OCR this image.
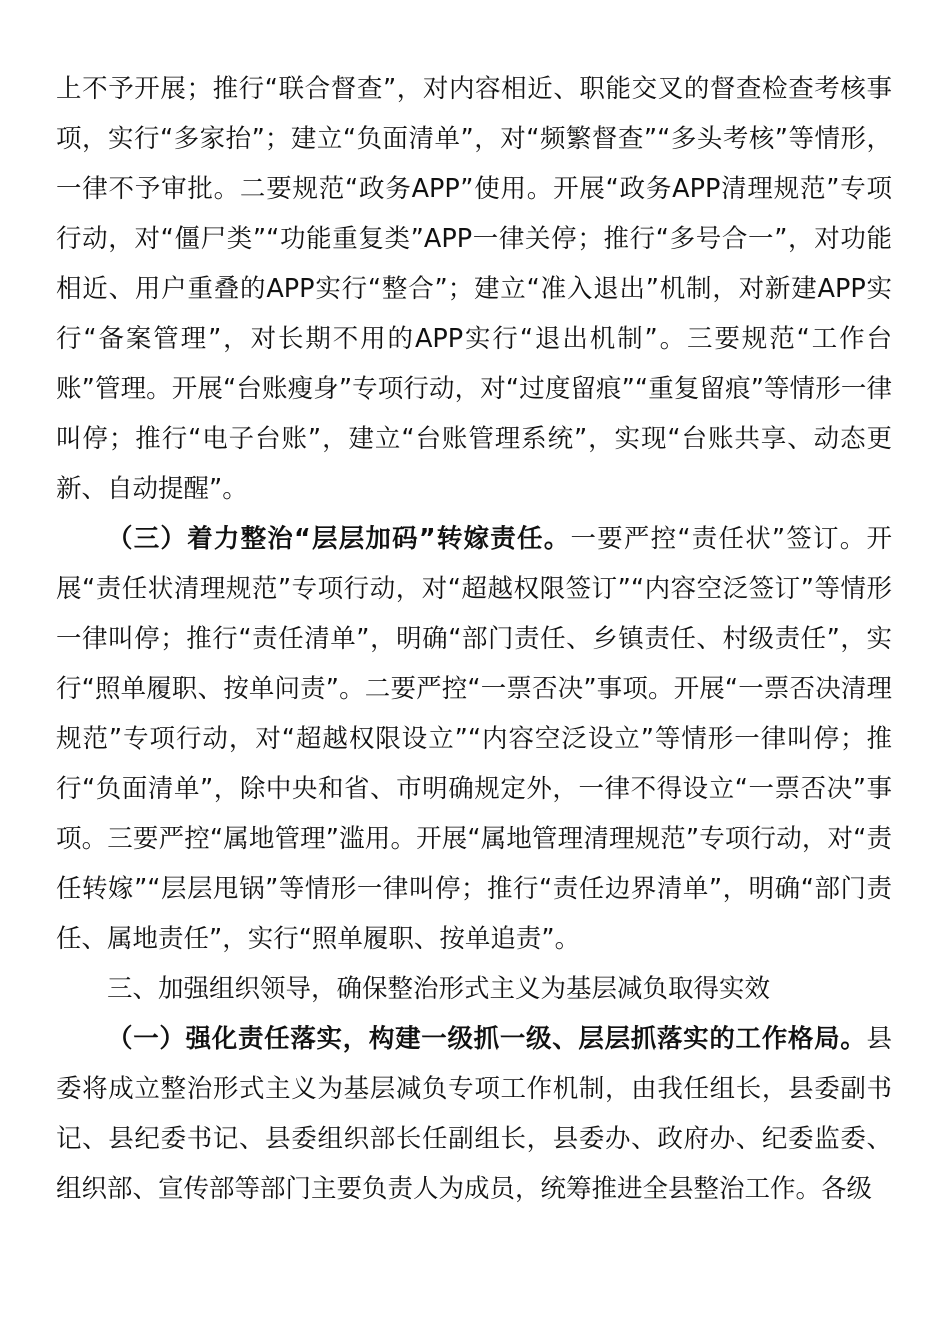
上不予开展；推行“联合督查”，对内容相近、职能交叉的督查检查考核事项，实行“多家抬”；建立“负面清单”，对“频繁督查”“多头考核”等情形，一律不予审批。二要规范“政务APP”使用。开展“政务APP清理规范”专项行动，对“僵尸类”“功能重复类”APP一律关停；推行“多号合一”，对功能相近、用户重叠的APP实行“整合”；建立“准入退出”机制，对新建APP实行“备案管理”，对长期不用的APP实行“退出机制”。三要规范“工作台账”管理。开展“台账瘦身”专项行动，对“过度留痕”“重复留痕”等情形一律叫停；推行“电子台账”，建立“台账管理系统”，实现“台账共享、动态更新、自动提醒”。

（三）着力整治“层层加码”转嫁责任。一要严控“责任状”签订。开展“责任状清理规范”专项行动，对“超越权限签订”“内容空泛签订”等情形一律叫停；推行“责任清单”，明确“部门责任、乡镇责任、村级责任”，实行“照单履职、按单问责”。二要严控“一票否决”事项。开展“一票否决清理规范”专项行动，对“超越权限设立”“内容空泛设立”等情形一律叫停；推行“负面清单”，除中央和省、市明确规定外，一律不得设立“一票否决”事项。三要严控“属地管理”滥用。开展“属地管理清理规范”专项行动，对“责任转嫁”“层层甩锅”等情形一律叫停；推行“责任边界清单”，明确“部门责任、属地责任”，实行“照单履职、按单追责”。

三、加强组织领导，确保整治形式主义为基层减负取得实效

（一）强化责任落实，构建一级抓一级、层层抓落实的工作格局。县委将成立整治形式主义为基层减负专项工作机制，由我任组长，县委副书记、县纪委书记、县委组织部长任副组长，县委办、政府办、纪委监委、组织部、宣传部等部门主要负责人为成员，统筹推进全县整治工作。各级
